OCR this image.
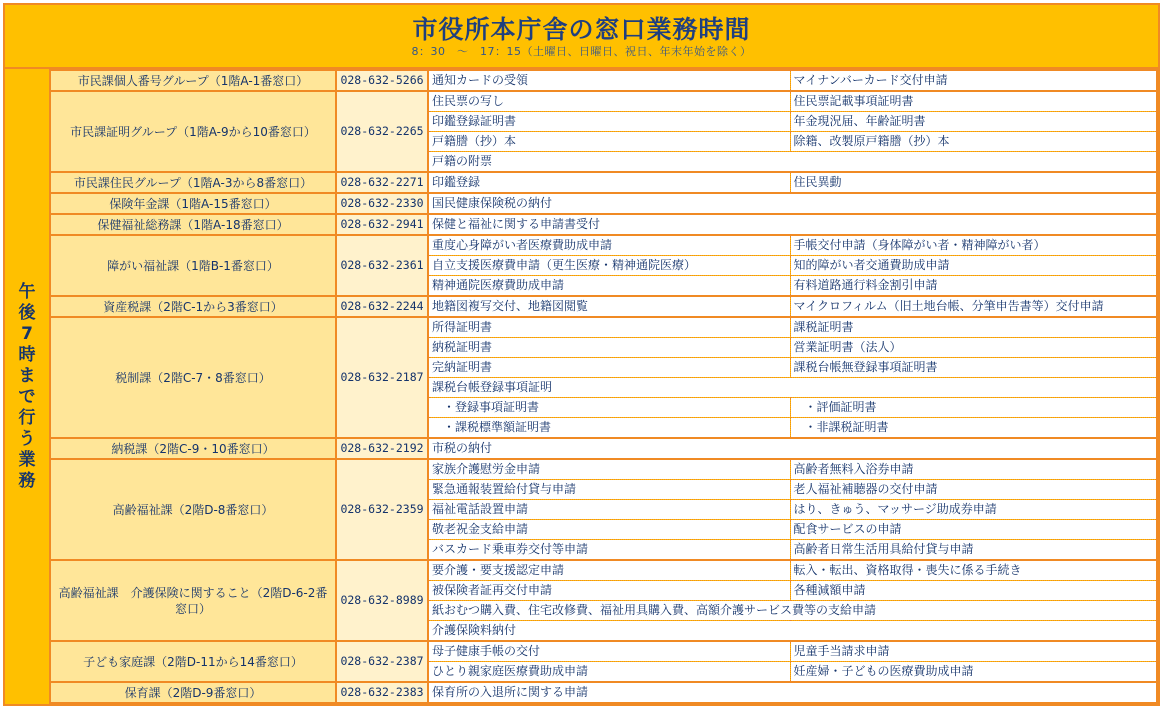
市役所本庁舎の窓口業務時間
8：30　～　17：15（土曜日、日曜日、祝日、年末年始を除く）
午後7時まで行う業務	市民課個人番号グループ（1階A-1番窓口）	028-632-5266	通知カードの受領	マイナンバーカード交付申請
	市民課証明グループ（1階A-9から10番窓口）	028-632-2265	住民票の写し	住民票記載事項証明書
			印鑑登録証明書	年金現況届、年齢証明書
			戸籍謄（抄）本	除籍、改製原戸籍謄（抄）本
			戸籍の附票	
	市民課住民グループ（1階A-3から8番窓口）	028-632-2271	印鑑登録	住民異動
	保険年金課（1階A-15番窓口）	028-632-2330	国民健康保険税の納付	
	保健福祉総務課（1階A-18番窓口）	028-632-2941	保健と福祉に関する申請書受付	
	障がい福祉課（1階B-1番窓口）	028-632-2361	重度心身障がい者医療費助成申請	手帳交付申請（身体障がい者・精神障がい者）
			自立支援医療費申請（更生医療・精神通院医療）	知的障がい者交通費助成申請
			精神通院医療費助成申請	有料道路通行料金割引申請
	資産税課（2階C-1から3番窓口）	028-632-2244	地籍図複写交付、地籍図閲覧	マイクロフィルム（旧土地台帳、分筆申告書等）交付申請
	税制課（2階C-7・8番窓口）	028-632-2187	所得証明書	課税証明書
			納税証明書	営業証明書（法人）
			完納証明書	課税台帳無登録事項証明書
			課税台帳登録事項証明	
			・登録事項証明書	・評価証明書
			・課税標準額証明書	・非課税証明書
	納税課（2階C-9・10番窓口）	028-632-2192	市税の納付	
	高齢福祉課（2階D-8番窓口）	028-632-2359	家族介護慰労金申請	高齢者無料入浴券申請
			緊急通報装置給付貸与申請	老人福祉補聴器の交付申請
			福祉電話設置申請	はり、きゅう、マッサージ助成券申請
			敬老祝金支給申請	配食サービスの申請
			バスカード乗車券交付等申請	高齢者日常生活用具給付貸与申請
	高齢福祉課　介護保険に関すること（2階D-6-2番窓口）	028-632-8989	要介護・要支援認定申請	転入・転出、資格取得・喪失に係る手続き
			被保険者証再交付申請	各種減額申請
			紙おむつ購入費、住宅改修費、福祉用具購入費、高額介護サービス費等の支給申請	
			介護保険料納付	
	子ども家庭課（2階D-11から14番窓口）	028-632-2387	母子健康手帳の交付	児童手当請求申請
			ひとり親家庭医療費助成申請	妊産婦・子どもの医療費助成申請
	保育課（2階D-9番窓口）	028-632-2383	保育所の入退所に関する申請	
